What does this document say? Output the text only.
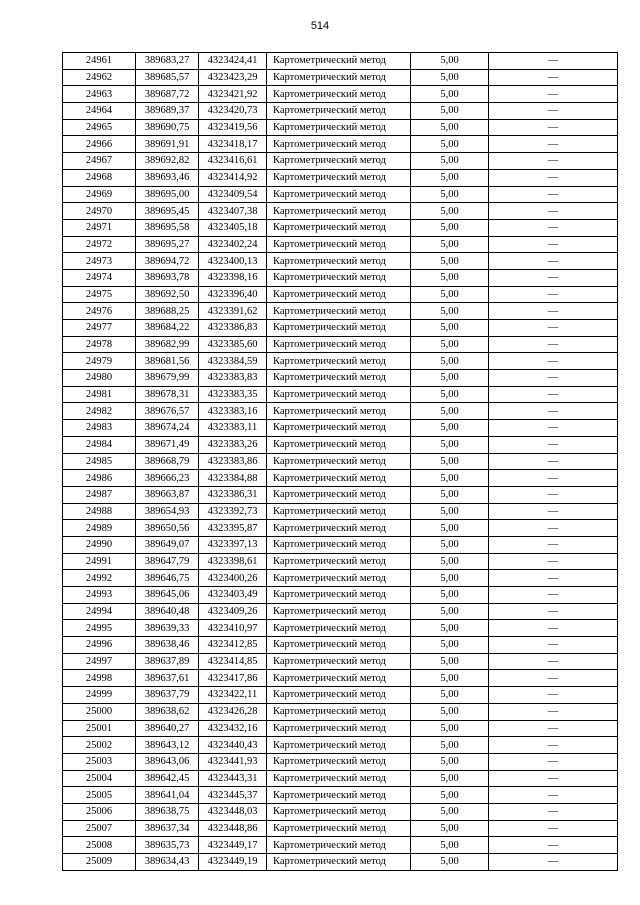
514
24961	389683,27	4323424,41	Картометрический метод	5,00	—
24962	389685,57	4323423,29	Картометрический метод	5,00	—
24963	389687,72	4323421,92	Картометрический метод	5,00	—
24964	389689,37	4323420,73	Картометрический метод	5,00	—
24965	389690,75	4323419,56	Картометрический метод	5,00	—
24966	389691,91	4323418,17	Картометрический метод	5,00	—
24967	389692,82	4323416,61	Картометрический метод	5,00	—
24968	389693,46	4323414,92	Картометрический метод	5,00	—
24969	389695,00	4323409,54	Картометрический метод	5,00	—
24970	389695,45	4323407,38	Картометрический метод	5,00	—
24971	389695,58	4323405,18	Картометрический метод	5,00	—
24972	389695,27	4323402,24	Картометрический метод	5,00	—
24973	389694,72	4323400,13	Картометрический метод	5,00	—
24974	389693,78	4323398,16	Картометрический метод	5,00	—
24975	389692,50	4323396,40	Картометрический метод	5,00	—
24976	389688,25	4323391,62	Картометрический метод	5,00	—
24977	389684,22	4323386,83	Картометрический метод	5,00	—
24978	389682,99	4323385,60	Картометрический метод	5,00	—
24979	389681,56	4323384,59	Картометрический метод	5,00	—
24980	389679,99	4323383,83	Картометрический метод	5,00	—
24981	389678,31	4323383,35	Картометрический метод	5,00	—
24982	389676,57	4323383,16	Картометрический метод	5,00	—
24983	389674,24	4323383,11	Картометрический метод	5,00	—
24984	389671,49	4323383,26	Картометрический метод	5,00	—
24985	389668,79	4323383,86	Картометрический метод	5,00	—
24986	389666,23	4323384,88	Картометрический метод	5,00	—
24987	389663,87	4323386,31	Картометрический метод	5,00	—
24988	389654,93	4323392,73	Картометрический метод	5,00	—
24989	389650,56	4323395,87	Картометрический метод	5,00	—
24990	389649,07	4323397,13	Картометрический метод	5,00	—
24991	389647,79	4323398,61	Картометрический метод	5,00	—
24992	389646,75	4323400,26	Картометрический метод	5,00	—
24993	389645,06	4323403,49	Картометрический метод	5,00	—
24994	389640,48	4323409,26	Картометрический метод	5,00	—
24995	389639,33	4323410,97	Картометрический метод	5,00	—
24996	389638,46	4323412,85	Картометрический метод	5,00	—
24997	389637,89	4323414,85	Картометрический метод	5,00	—
24998	389637,61	4323417,86	Картометрический метод	5,00	—
24999	389637,79	4323422,11	Картометрический метод	5,00	—
25000	389638,62	4323426,28	Картометрический метод	5,00	—
25001	389640,27	4323432,16	Картометрический метод	5,00	—
25002	389643,12	4323440,43	Картометрический метод	5,00	—
25003	389643,06	4323441,93	Картометрический метод	5,00	—
25004	389642,45	4323443,31	Картометрический метод	5,00	—
25005	389641,04	4323445,37	Картометрический метод	5,00	—
25006	389638,75	4323448,03	Картометрический метод	5,00	—
25007	389637,34	4323448,86	Картометрический метод	5,00	—
25008	389635,73	4323449,17	Картометрический метод	5,00	—
25009	389634,43	4323449,19	Картометрический метод	5,00	—
